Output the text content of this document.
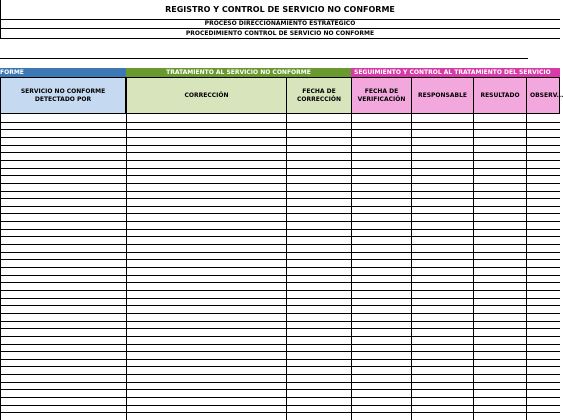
REGISTRO Y CONTROL DE SERVICIO NO CONFORME
PROCESO DIRECCIONAMIENTO ESTRATEGICO
PROCEDIMIENTO CONTROL DE SERVICIO NO CONFORME
FORME	TRATAMIENTO AL SERVICIO NO CONFORME	SEGUIMIENTO Y CONTROL AL TRATAMIENTO DEL SERVICIO
SERVICIO NO CONFORME DETECTADO POR
CORRECCIÓN
FECHA DE CORRECCIÓN
FECHA DE VERIFICACIÓN
RESPONSABLE RESULTADO OBSERV...
